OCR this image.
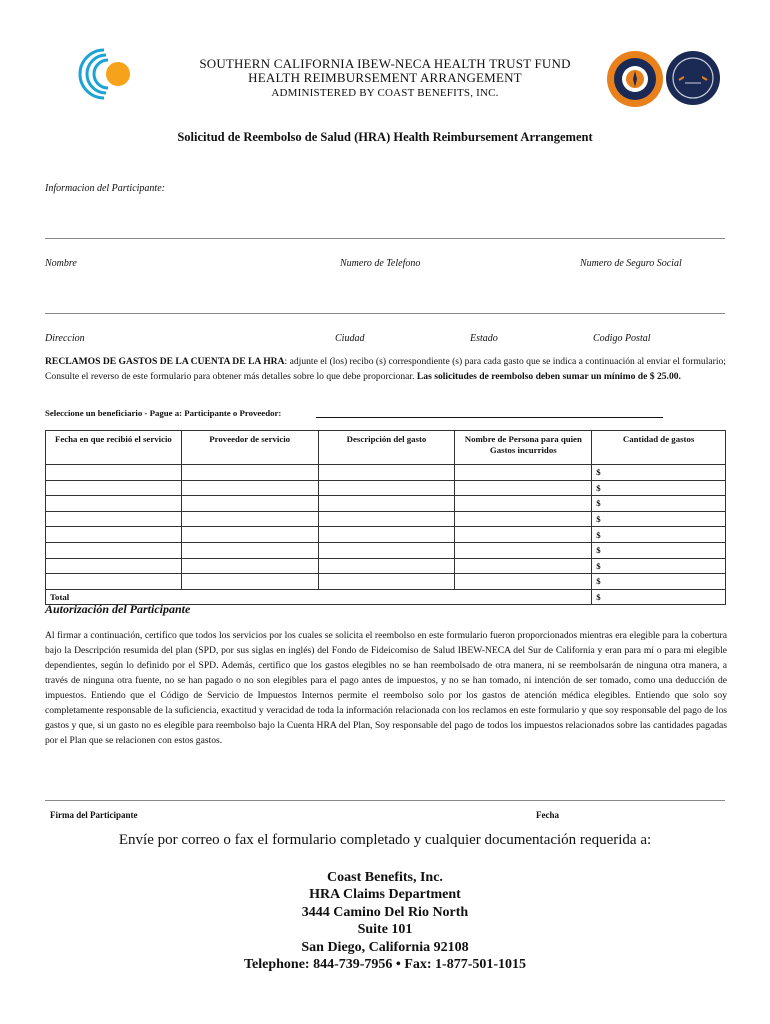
SOUTHERN CALIFORNIA IBEW-NECA HEALTH TRUST FUND
HEALTH REIMBURSEMENT ARRANGEMENT
ADMINISTERED BY COAST BENEFITS, INC.
Solicitud de Reembolso de Salud (HRA) Health Reimbursement Arrangement
Informacion del Participante:
Nombre	Numero de Telefono	Numero de Seguro Social
Direccion	Ciudad	Estado	Codigo Postal
RECLAMOS DE GASTOS DE LA CUENTA DE LA HRA: adjunte el (los) recibo (s) correspondiente (s) para cada gasto que se indica a continuación al enviar el formulario; Consulte el reverso de este formulario para obtener más detalles sobre lo que debe proporcionar. Las solicitudes de reembolso deben sumar un mínimo de $ 25.00.
Seleccione un beneficiario - Pague a: Participante o Proveedor:
Fecha en que recibió el servicio	Proveedor de servicio	Descripción del gasto	Nombre de Persona para quien Gastos incurridos	Cantidad de gastos
				$
				$
				$
				$
				$
				$
				$
				$
Total				$
Autorización del Participante
Al firmar a continuación, certifico que todos los servicios por los cuales se solicita el reembolso en este formulario fueron proporcionados mientras era elegible para la cobertura bajo la Descripción resumida del plan (SPD, por sus siglas en inglés) del Fondo de Fideicomiso de Salud IBEW-NECA del Sur de California y eran para mí o para mi elegible dependientes, según lo definido por el SPD. Además, certifico que los gastos elegibles no se han reembolsado de otra manera, ni se reembolsarán de ninguna otra manera, a través de ninguna otra fuente, no se han pagado o no son elegibles para el pago antes de impuestos, y no se han tomado, ni intención de ser tomado, como una deducción de impuestos. Entiendo que el Código de Servicio de Impuestos Internos permite el reembolso solo por los gastos de atención médica elegibles. Entiendo que solo soy completamente responsable de la suficiencia, exactitud y veracidad de toda la información relacionada con los reclamos en este formulario y que soy responsable del pago de los gastos y que, si un gasto no es elegible para reembolso bajo la Cuenta HRA del Plan, Soy responsable del pago de todos los impuestos relacionados sobre las cantidades pagadas por el Plan que se relacionen con estos gastos.
Firma del Participante	Fecha
Envíe por correo o fax el formulario completado y cualquier documentación requerida a:
Coast Benefits, Inc.
HRA Claims Department
3444 Camino Del Rio North
Suite 101
San Diego, California 92108
Telephone: 844-739-7956 • Fax: 1-877-501-1015
